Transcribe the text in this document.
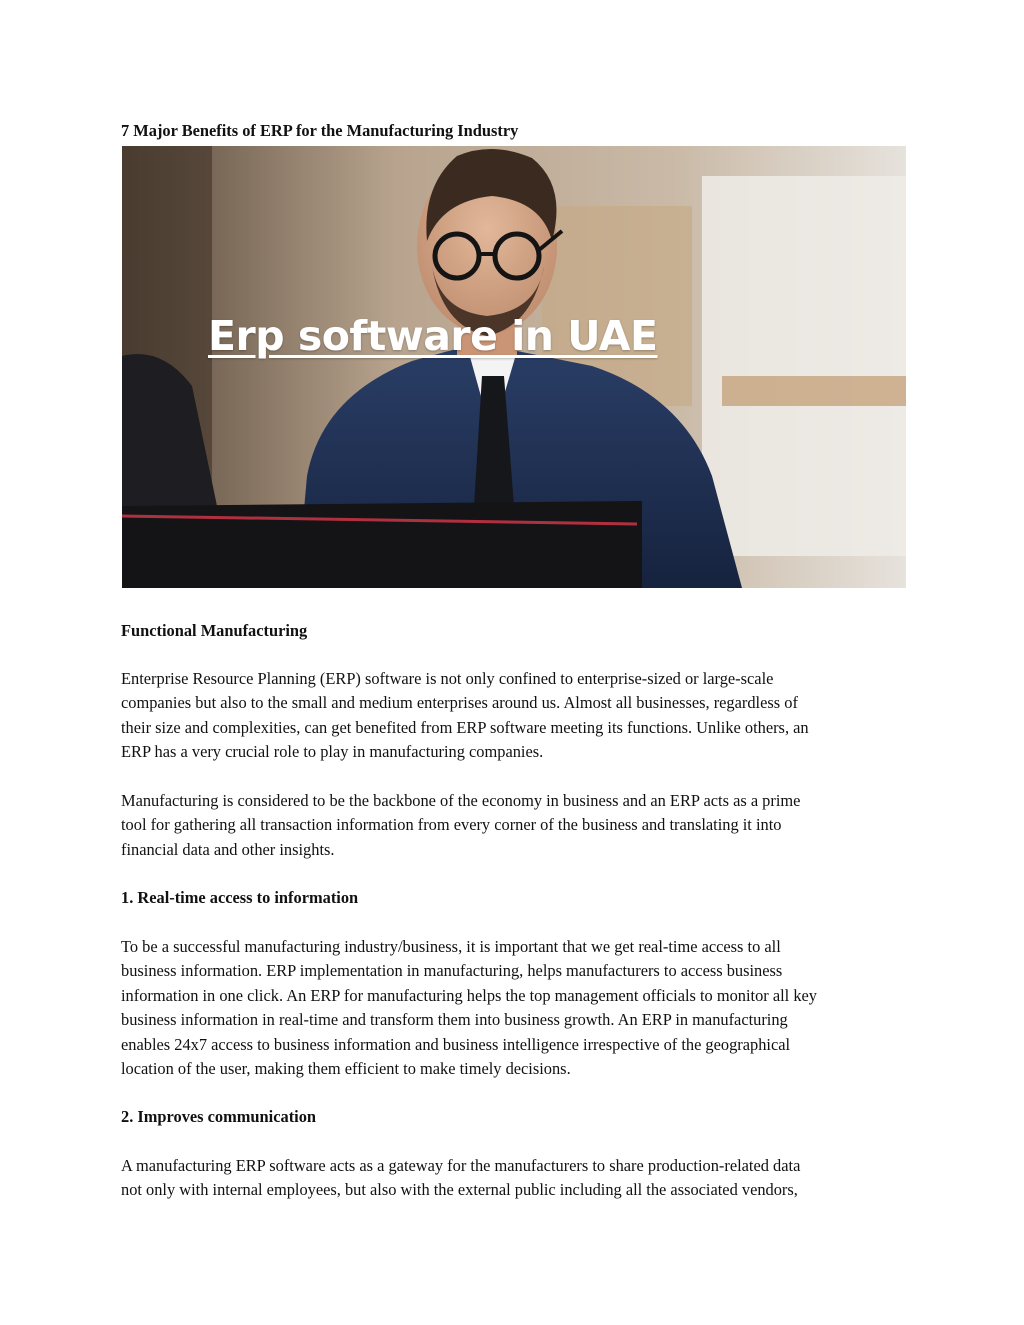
7 Major Benefits of ERP for the Manufacturing Industry
Erp software in UAE
Functional Manufacturing

Enterprise Resource Planning (ERP) software is not only confined to enterprise-sized or large-scale
companies but also to the small and medium enterprises around us. Almost all businesses, regardless of
their size and complexities, can get benefited from ERP software meeting its functions. Unlike others, an
ERP has a very crucial role to play in manufacturing companies.

Manufacturing is considered to be the backbone of the economy in business and an ERP acts as a prime
tool for gathering all transaction information from every corner of the business and translating it into
financial data and other insights.

1. Real-time access to information

To be a successful manufacturing industry/business, it is important that we get real-time access to all
business information. ERP implementation in manufacturing, helps manufacturers to access business
information in one click. An ERP for manufacturing helps the top management officials to monitor all key
business information in real-time and transform them into business growth. An ERP in manufacturing
enables 24x7 access to business information and business intelligence irrespective of the geographical
location of the user, making them efficient to make timely decisions.

2. Improves communication

A manufacturing ERP software acts as a gateway for the manufacturers to share production-related data
not only with internal employees, but also with the external public including all the associated vendors,
